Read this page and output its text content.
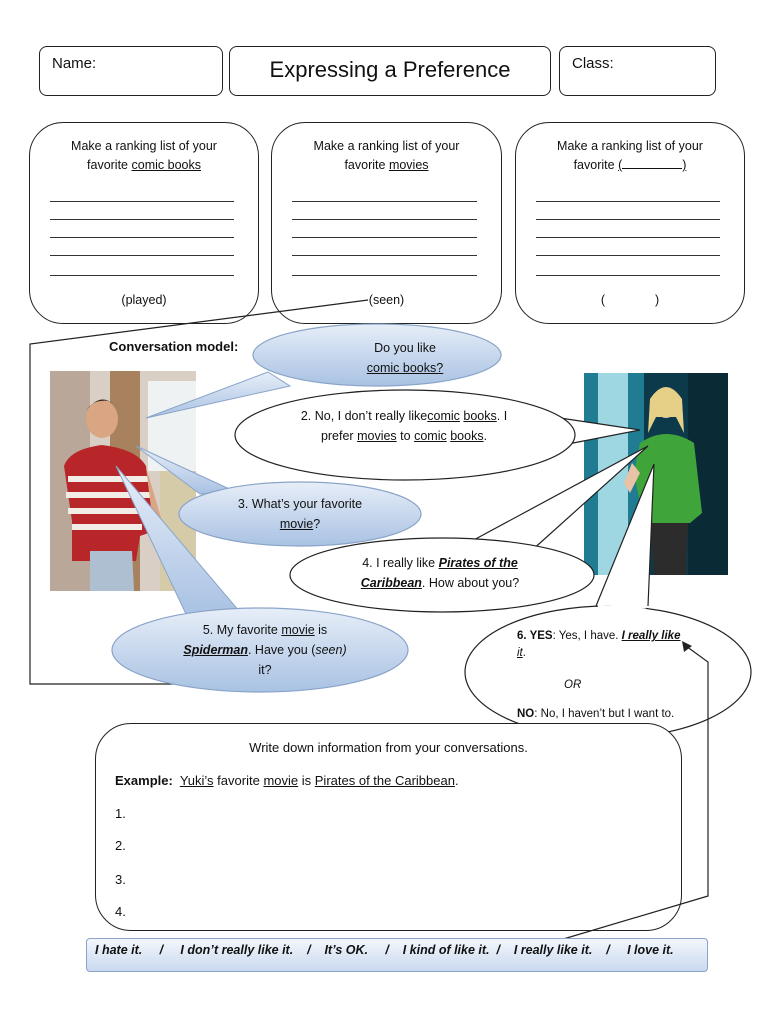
Name:	Expressing a Preference	Class:
Make a ranking list of your
favorite comic books
(played)
Make a ranking list of your
favorite movies
(seen)
Make a ranking list of your
favorite (	)
(	)
Write down information from your conversations.
Example: Yuki’s favorite movie is Pirates of the Caribbean.
1.
2.
3.
4.
Conversation model:	Do you like
comic books?
2. No, I don’t really likecomic books. I prefer movies to comic books.
3. What’s your favorite
movie?
4. I really like Pirates of the
Caribbean. How about you?
5. My favorite movie is
Spiderman. Have you (seen)
it?
6. YES: Yes, I have. I really like
it.
OR
NO: No, I haven’t but I want to.
I hate it.     /     I don’t really like it.    /    It’s OK.     /    I kind of like it.  /    I really like it.    /     I love it.
